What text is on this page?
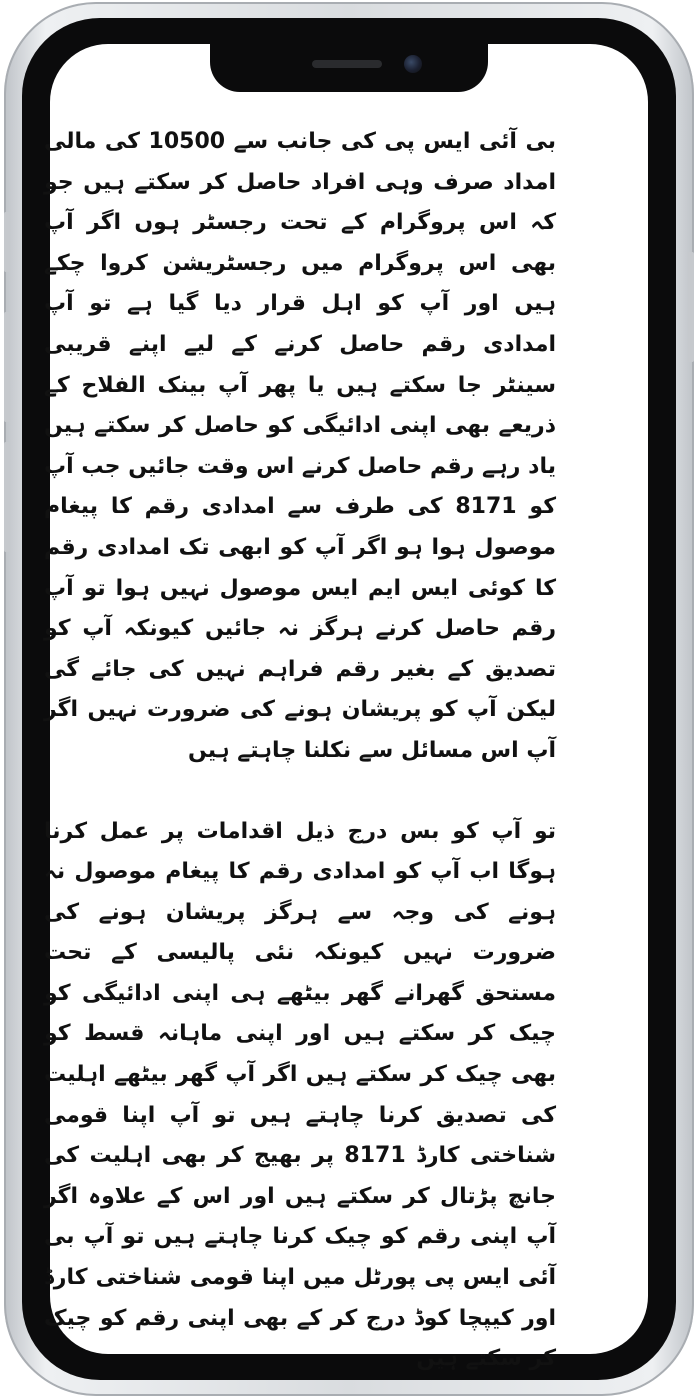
بی آئی ایس پی کی جانب سے 10500 کی مالی امداد صرف وہی افراد حاصل کر سکتے ہیں جو کہ اس پروگرام کے تحت رجسٹر ہوں اگر آپ بھی اس پروگرام میں رجسٹریشن کروا چکے ہیں اور آپ کو اہل قرار دیا گیا ہے تو آپ امدادی رقم حاصل کرنے کے لیے اپنے قریبی سینٹر جا سکتے ہیں یا پھر آپ بینک الفلاح کے ذریعے بھی اپنی ادائیگی کو حاصل کر سکتے ہیں یاد رہے رقم حاصل کرنے اس وقت جائیں جب آپ کو 8171 کی طرف سے امدادی رقم کا پیغام موصول ہوا ہو اگر آپ کو ابھی تک امدادی رقم کا کوئی ایس ایم ایس موصول نہیں ہوا تو آپ رقم حاصل کرنے ہرگز نہ جائیں کیونکہ آپ کو تصدیق کے بغیر رقم فراہم نہیں کی جائے گی لیکن آپ کو پریشان ہونے کی ضرورت نہیں اگر آپ اس مسائل سے نکلنا چاہتے ہیں

تو آپ کو بس درج ذیل اقدامات پر عمل کرنا ہوگا اب آپ کو امدادی رقم کا پیغام موصول نہ ہونے کی وجہ سے ہرگز پریشان ہونے کی ضرورت نہیں کیونکہ نئی پالیسی کے تحت مستحق گھرانے گھر بیٹھے ہی اپنی ادائیگی کو چیک کر سکتے ہیں اور اپنی ماہانہ قسط کو بھی چیک کر سکتے ہیں اگر آپ گھر بیٹھے اہلیت کی تصدیق کرنا چاہتے ہیں تو آپ اپنا قومی شناختی کارڈ 8171 پر بھیج کر بھی اہلیت کی جانچ پڑتال کر سکتے ہیں اور اس کے علاوہ اگر آپ اپنی رقم کو چیک کرنا چاہتے ہیں تو آپ بی آئی ایس پی پورٹل میں اپنا قومی شناختی کارڈ اور کیپچا کوڈ درج کر کے بھی اپنی رقم کو چیک کر سکتے ہیں
